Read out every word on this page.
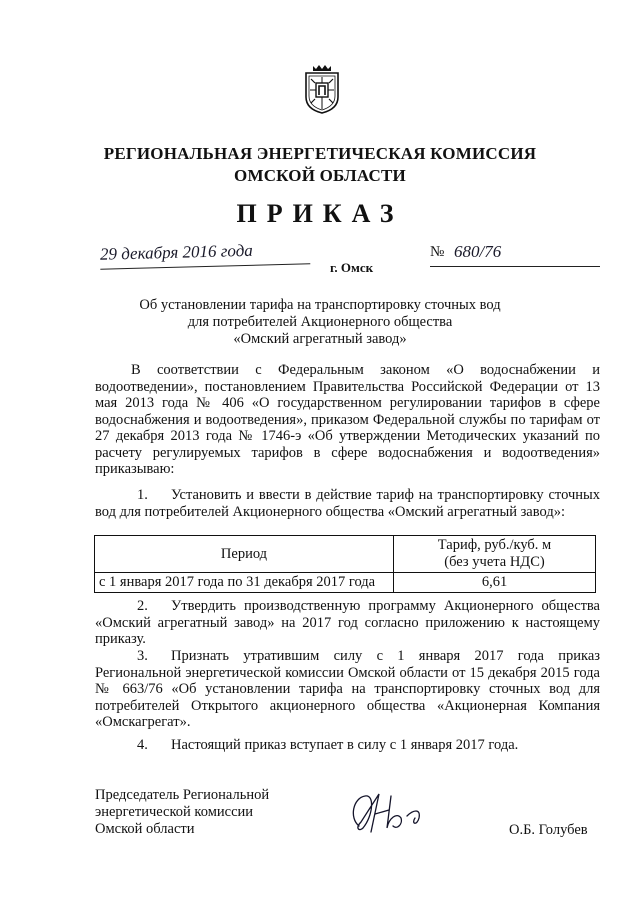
РЕГИОНАЛЬНАЯ ЭНЕРГЕТИЧЕСКАЯ КОМИССИЯ
ОМСКОЙ ОБЛАСТИ
ПРИКАЗ
29 декабря 2016 года	№ 680/76
г. Омск
Об установлении тарифа на транспортировку сточных вод
для потребителей Акционерного общества
«Омский агрегатный завод»
В соответствии с Федеральным законом «О водоснабжении и водоотведении», постановлением Правительства Российской Федерации от 13 мая 2013 года № 406 «О государственном регулировании тарифов в сфере водоснабжения и водоотведения», приказом Федеральной службы по тарифам от 27 декабря 2013 года № 1746-э «Об утверждении Методических указаний по расчету регулируемых тарифов в сфере водоснабжения и водоотведения» приказываю:
1. Установить и ввести в действие тариф на транспортировку сточных вод для потребителей Акционерного общества «Омский агрегатный завод»:
Период	Тариф, руб./куб. м
(без учета НДС)

с 1 января 2017 года по 31 декабря 2017 года	6,61
2. Утвердить производственную программу Акционерного общества «Омский агрегатный завод» на 2017 год согласно приложению к настоящему приказу.
3. Признать утратившим силу с 1 января 2017 года приказ Региональной энергетической комиссии Омской области от 15 декабря 2015 года № 663/76 «Об установлении тарифа на транспортировку сточных вод для потребителей Открытого акционерного общества «Акционерная Компания «Омскагрегат».
4. Настоящий приказ вступает в силу с 1 января 2017 года.
Председатель Региональной
энергетической комиссии
Омской области	О.Б. Голубев
